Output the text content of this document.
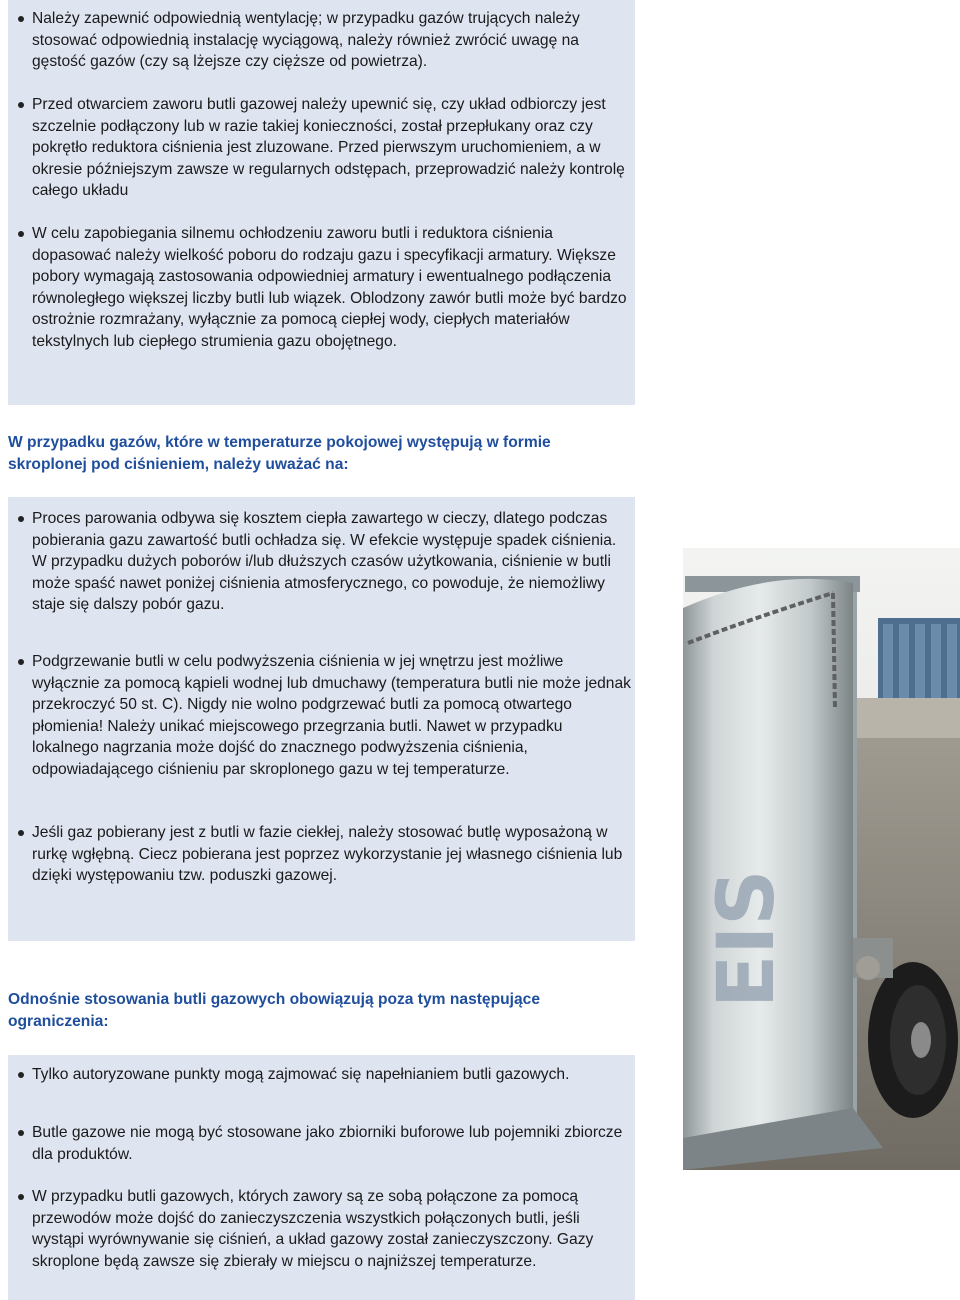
Należy zapewnić odpowiednią wentylację; w przypadku gazów trujących należy stosować odpowiednią instalację wyciągową, należy również zwrócić uwagę na gęstość gazów (czy są lżejsze czy cięższe od powietrza).

Przed otwarciem zaworu butli gazowej należy upewnić się, czy układ odbiorczy jest szczelnie podłączony lub w razie takiej konieczności, został przepłukany oraz czy pokrętło reduktora ciśnienia jest zluzowane. Przed pierwszym uruchomieniem, a w okresie późniejszym zawsze w regularnych odstępach, przeprowadzić należy kontrolę całego układu

W celu zapobiegania silnemu ochłodzeniu zaworu butli i reduktora ciśnienia dopasować należy wielkość poboru do rodzaju gazu i specyfikacji armatury. Większe pobory wymagają zastosowania odpowiedniej armatury i ewentualnego podłączenia równoległego większej liczby butli lub wiązek. Oblodzony zawór butli może być bardzo ostrożnie rozmrażany, wyłącznie za pomocą ciepłej wody, ciepłych materiałów tekstylnych lub ciepłego strumienia gazu obojętnego.

W przypadku gazów, które w temperaturze pokojowej występują w formie skroplonej pod ciśnieniem, należy uważać na:

Proces parowania odbywa się kosztem ciepła zawartego w cieczy, dlatego podczas pobierania gazu zawartość butli ochładza się. W efekcie występuje spadek ciśnienia. W przypadku dużych poborów i/lub dłuższych czasów użytkowania, ciśnienie w butli może spaść nawet poniżej ciśnienia atmosferycznego, co powoduje, że niemożliwy staje się dalszy pobór gazu.

Podgrzewanie butli w celu podwyższenia ciśnienia w jej wnętrzu jest możliwe wyłącznie za pomocą kąpieli wodnej lub dmuchawy (temperatura butli nie może jednak przekroczyć 50 st. C). Nigdy nie wolno podgrzewać butli za pomocą otwartego płomienia! Należy unikać miejscowego przegrzania butli. Nawet w przypadku lokalnego nagrzania może dojść do znacznego podwyższenia ciśnienia, odpowiadającego ciśnieniu par skroplonego gazu w tej temperaturze.

Jeśli gaz pobierany jest z butli w fazie ciekłej, należy stosować butlę wyposażoną w rurkę wgłębną. Ciecz pobierana jest poprzez wykorzystanie jej własnego ciśnienia lub dzięki występowaniu tzw. poduszki gazowej.

Odnośnie stosowania butli gazowych obowiązują poza tym następujące ograniczenia:

Tylko autoryzowane punkty mogą zajmować się napełnianiem butli gazowych.

Butle gazowe nie mogą być stosowane jako zbiorniki buforowe lub pojemniki zbiorcze dla produktów.

W przypadku butli gazowych, których zawory są ze sobą połączone za pomocą przewodów może dojść do zanieczyszczenia wszystkich połączonych butli, jeśli wystąpi wyrównywanie się ciśnień, a układ gazowy został zanieczyszczony. Gazy skroplone będą zawsze się zbierały w miejscu o najniższej temperaturze.

EIS
